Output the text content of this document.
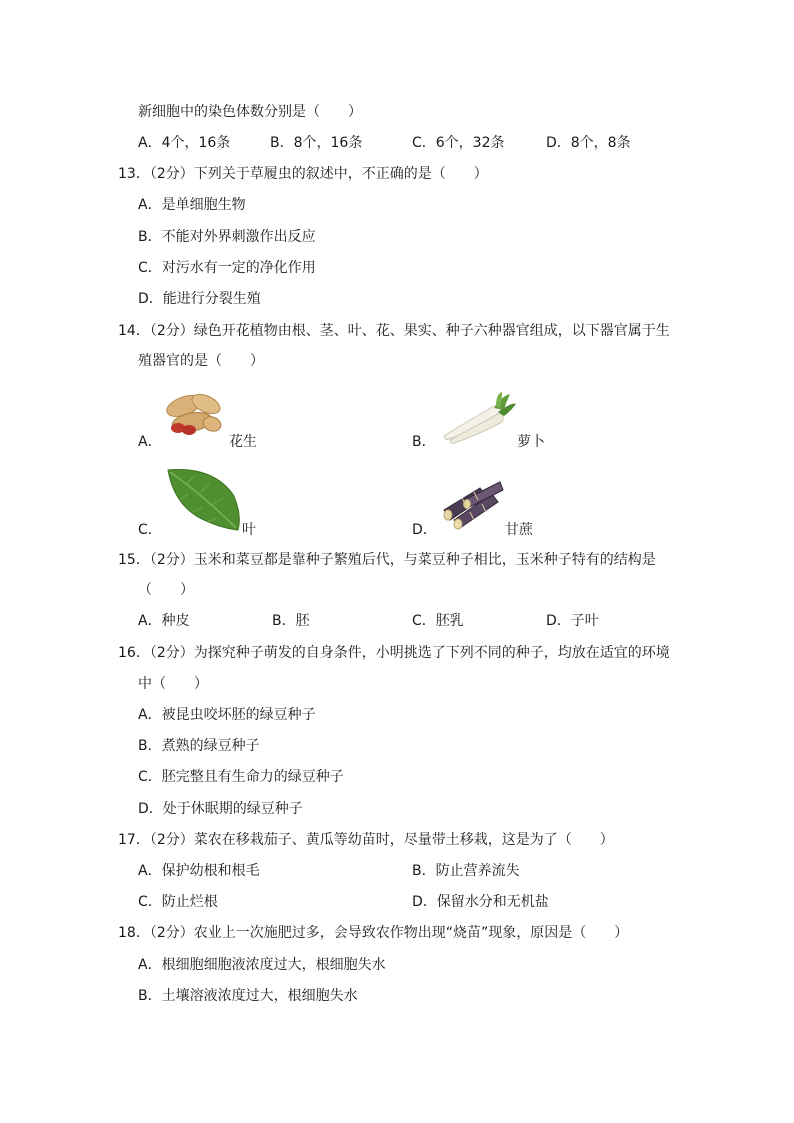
新细胞中的染色体数分别是（　　）
A．4个，16条	B．8个，16条	C．6个，32条	D．8个，8条
13．（2分）下列关于草履虫的叙述中，不正确的是（　　）
A．是单细胞生物
B．不能对外界刺激作出反应
C．对污水有一定的净化作用
D．能进行分裂生殖
14．（2分）绿色开花植物由根、茎、叶、花、果实、种子六种器官组成，以下器官属于生
殖器官的是（　　）
A．	花生	B．	萝卜
C．	叶	D．	甘蔗
15．（2分）玉米和菜豆都是靠种子繁殖后代，与菜豆种子相比，玉米种子特有的结构是
（　　）
A．种皮	B．胚	C．胚乳	D．子叶
16．（2分）为探究种子萌发的自身条件，小明挑选了下列不同的种子，均放在适宜的环境
中（　　）
A．被昆虫咬坏胚的绿豆种子
B．煮熟的绿豆种子
C．胚完整且有生命力的绿豆种子
D．处于休眠期的绿豆种子
17．（2分）菜农在移栽茄子、黄瓜等幼苗时，尽量带土移栽，这是为了（　　）
A．保护幼根和根毛	B．防止营养流失
C．防止烂根	D．保留水分和无机盐
18．（2分）农业上一次施肥过多，会导致农作物出现“烧苗”现象，原因是（　　）
A．根细胞细胞液浓度过大，根细胞失水
B．土壤溶液浓度过大，根细胞失水
